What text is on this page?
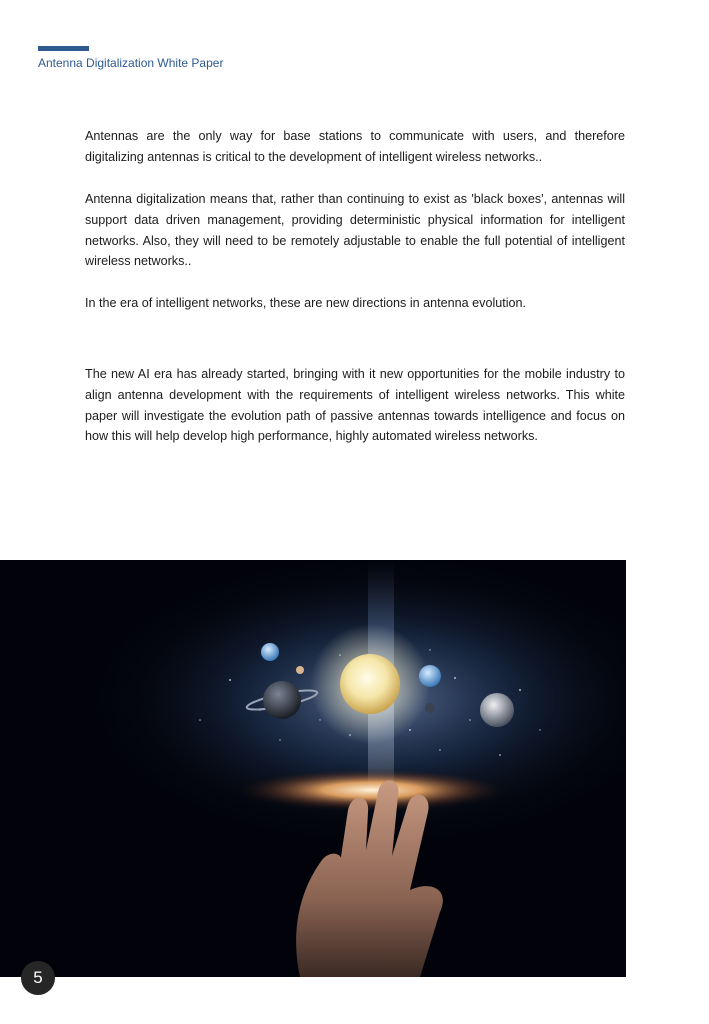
Antenna Digitalization White Paper

Antennas are the only way for base stations to communicate with users, and therefore digitalizing antennas is critical to the development of intelligent wireless networks..

Antenna digitalization means that, rather than continuing to exist as 'black boxes', antennas will support data driven management, providing deterministic physical information for intelligent networks. Also, they will need to be remotely adjustable to enable the full potential of intelligent wireless networks..

In the era of intelligent networks, these are new directions in antenna evolution.

The new AI era has already started, bringing with it new opportunities for the mobile industry to align antenna development with the requirements of intelligent wireless networks. This white paper will investigate the evolution path of passive antennas towards intelligence and focus on how this will help develop high performance, highly automated wireless networks.

5
